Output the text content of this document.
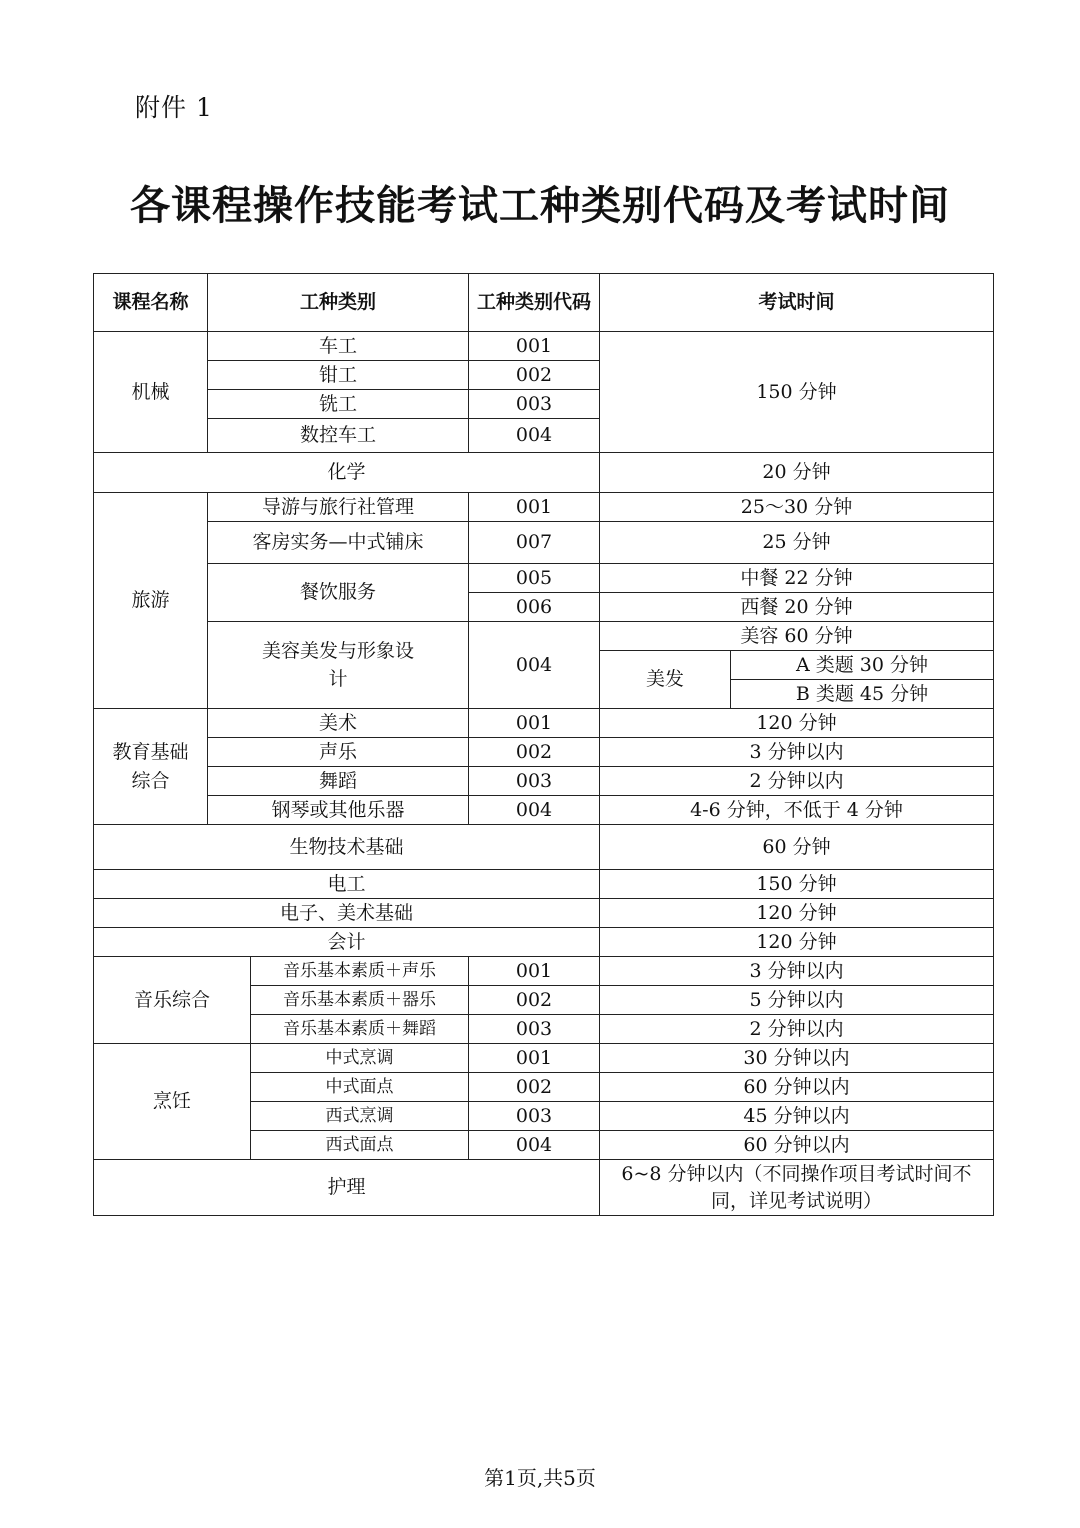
附件 1
各课程操作技能考试工种类别代码及考试时间
课程名称	工种类别		工种类别代码	考试时间	
机械	车工		001	150 分钟	
	钳工		002		
	铣工		003		
	数控车工		004		
化学				20 分钟	
旅游	导游与旅行社管理		001	25～30 分钟	
	客房实务—中式铺床		007	25 分钟	
	餐饮服务		005	中餐 22 分钟	
			006	西餐 20 分钟	

	美容美发与形象设计		004	美容 60 分钟	
				美发	A 类题 30 分钟
					B 类题 45 分钟

教育基础综合	美术		001	120 分钟	
	声乐		002	3 分钟以内	
	舞蹈		003	2 分钟以内	
	钢琴或其他乐器		004	4-6 分钟，不低于 4 分钟	
生物技术基础				60 分钟	
电工				150 分钟	
电子、美术基础				120 分钟	
会计				120 分钟	
音乐综合		音乐基本素质＋声乐	001	3 分钟以内	
		音乐基本素质＋器乐	002	5 分钟以内	
		音乐基本素质＋舞蹈	003	2 分钟以内	
烹饪		中式烹调	001	30 分钟以内	
		中式面点	002	60 分钟以内	
		西式烹调	003	45 分钟以内	
		西式面点	004	60 分钟以内	
护理				6~8 分钟以内（不同操作项目考试时间不同，详见考试说明）	
第1页,共5页
